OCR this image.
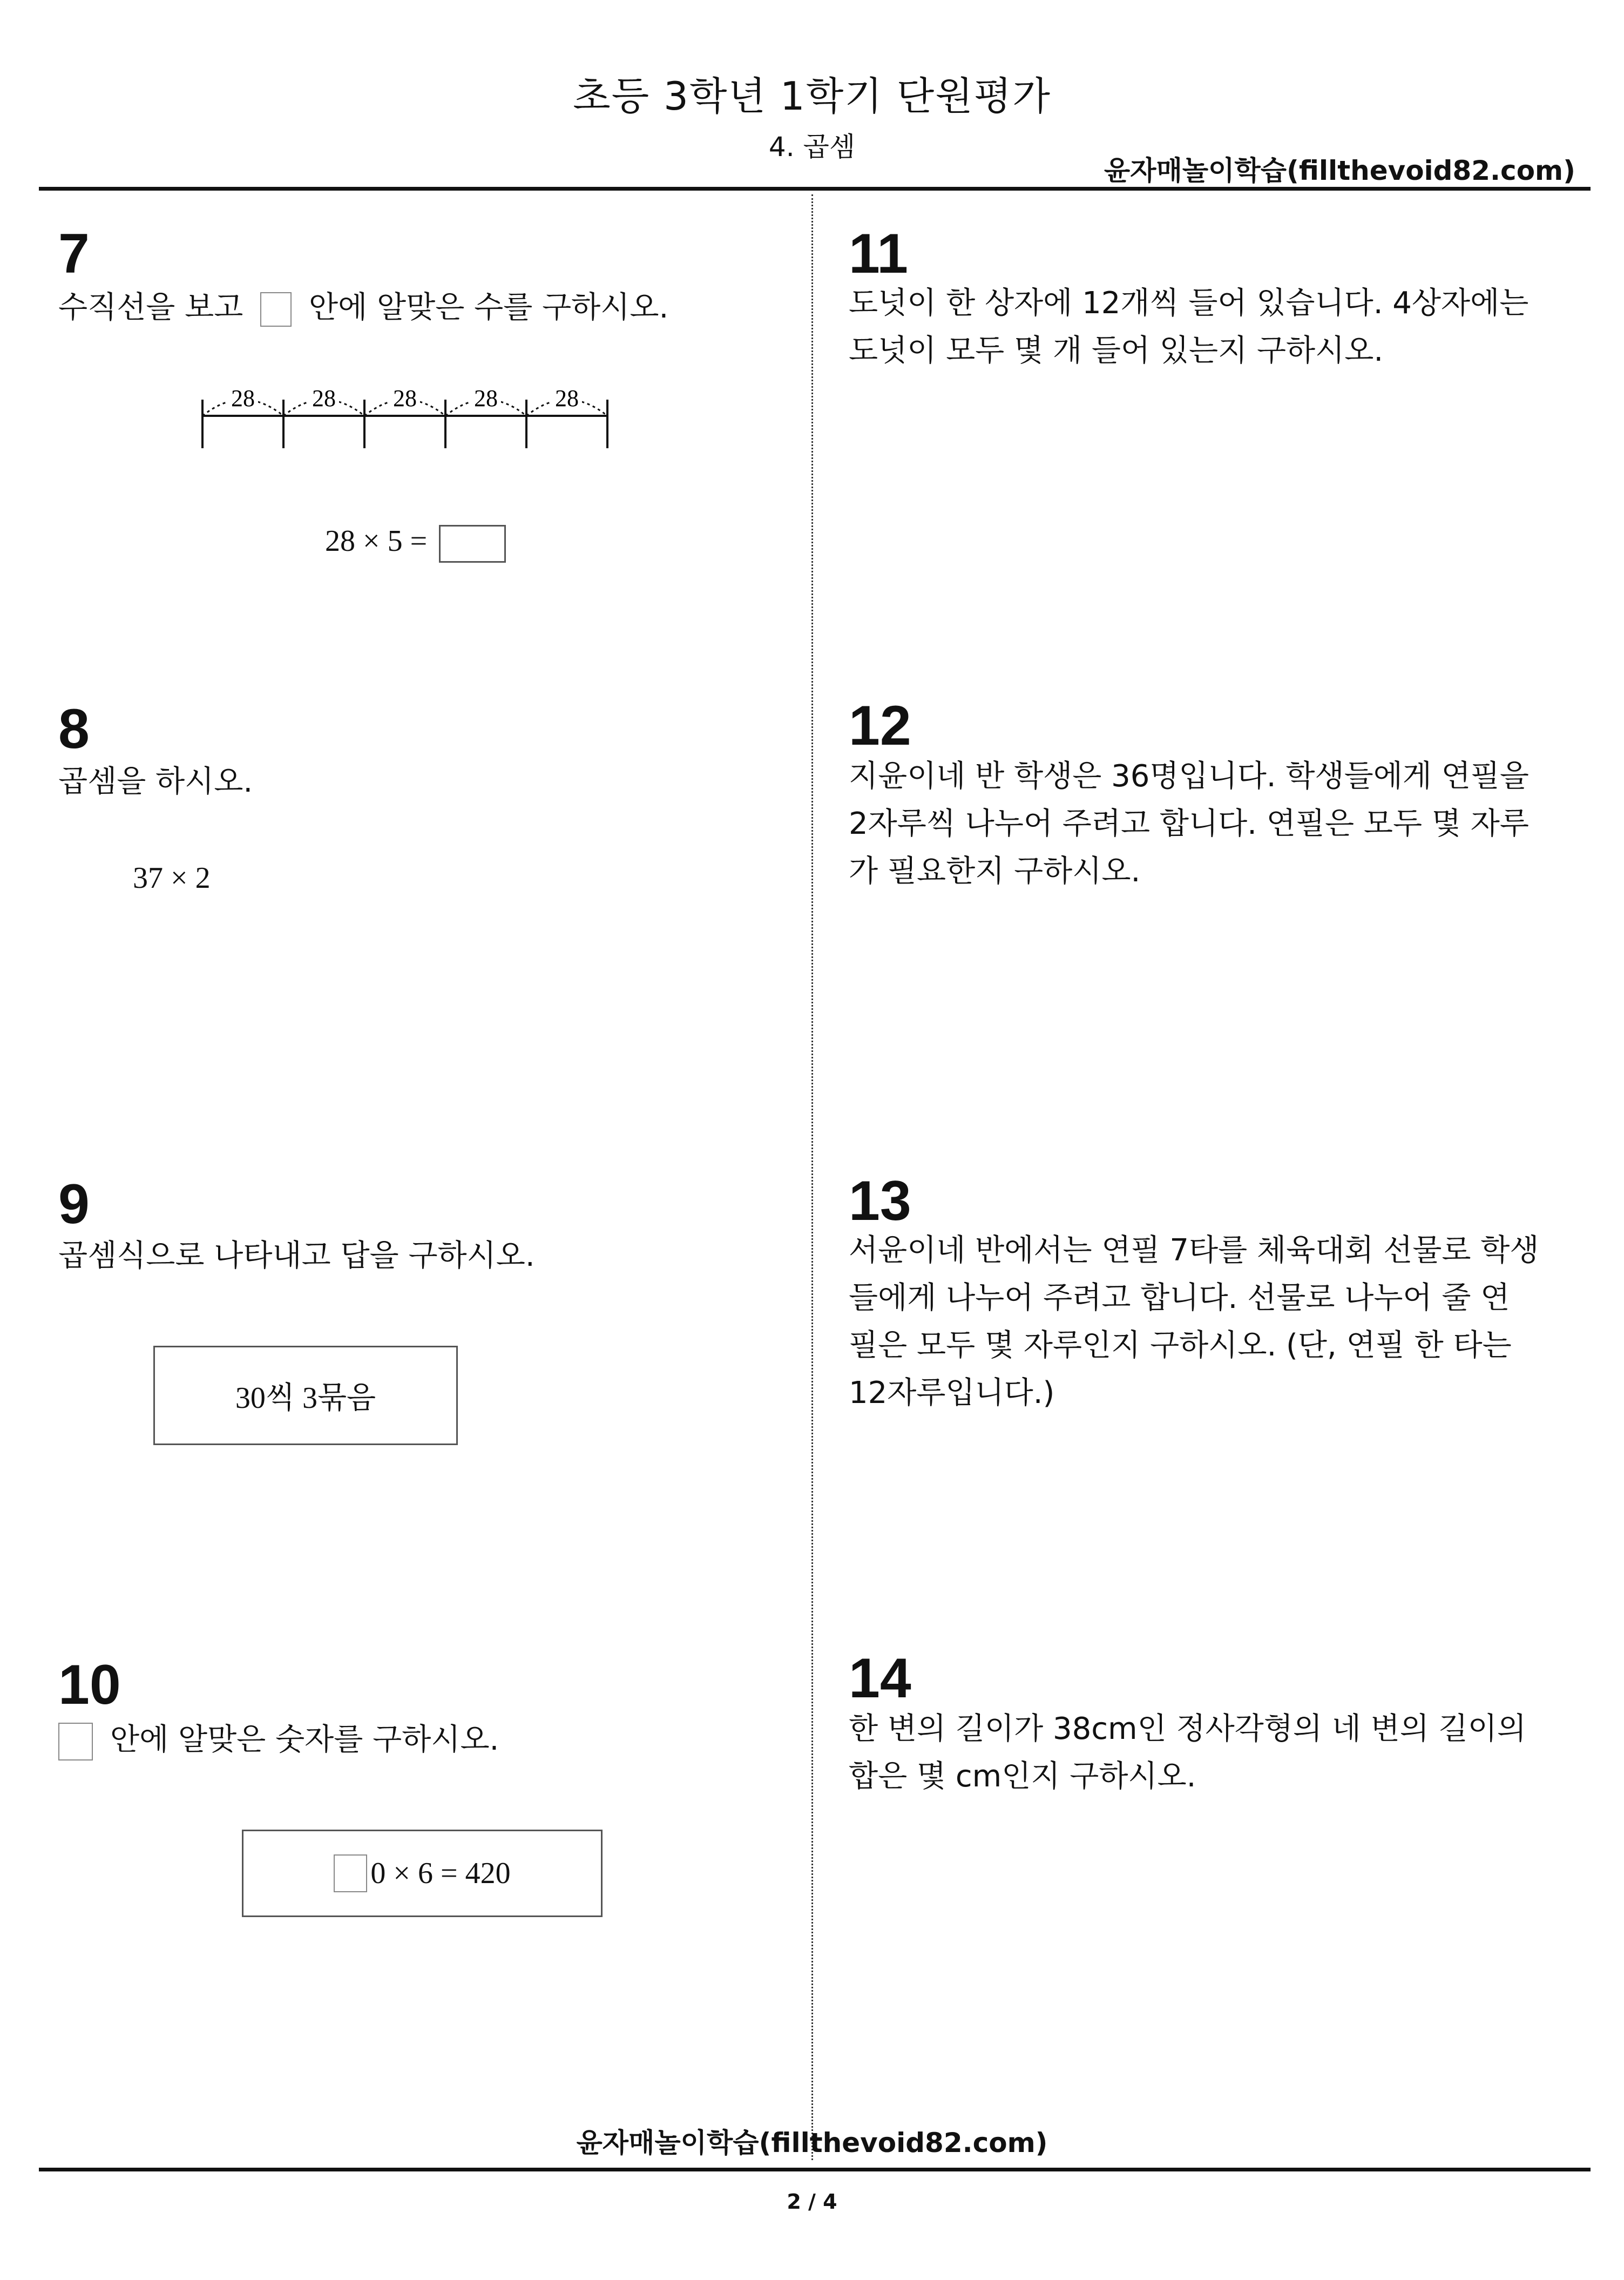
초등 3학년 1학기 단원평가
4. 곱셈
윤자매놀이학습(fillthevoid82.com)
7
수직선을 보고 안에 알맞은 수를 구하시오.
28 28 28 28 28
28 × 5 =
8
곱셈을 하시오.
37 × 2
9
곱셈식으로 나타내고 답을 구하시오.
30씩 3묶음
10
안에 알맞은 숫자를 구하시오.
0 × 6 = 420
11
도넛이 한 상자에 12개씩 들어 있습니다. 4상자에는
도넛이 모두 몇 개 들어 있는지 구하시오.
12
지윤이네 반 학생은 36명입니다. 학생들에게 연필을
2자루씩 나누어 주려고 합니다. 연필은 모두 몇 자루
가 필요한지 구하시오.
13
서윤이네 반에서는 연필 7타를 체육대회 선물로 학생
들에게 나누어 주려고 합니다. 선물로 나누어 줄 연
필은 모두 몇 자루인지 구하시오. (단, 연필 한 타는
12자루입니다.)
14
한 변의 길이가 38cm인 정사각형의 네 변의 길이의
합은 몇 cm인지 구하시오.
윤자매놀이학습(fillthevoid82.com)
2 / 4
